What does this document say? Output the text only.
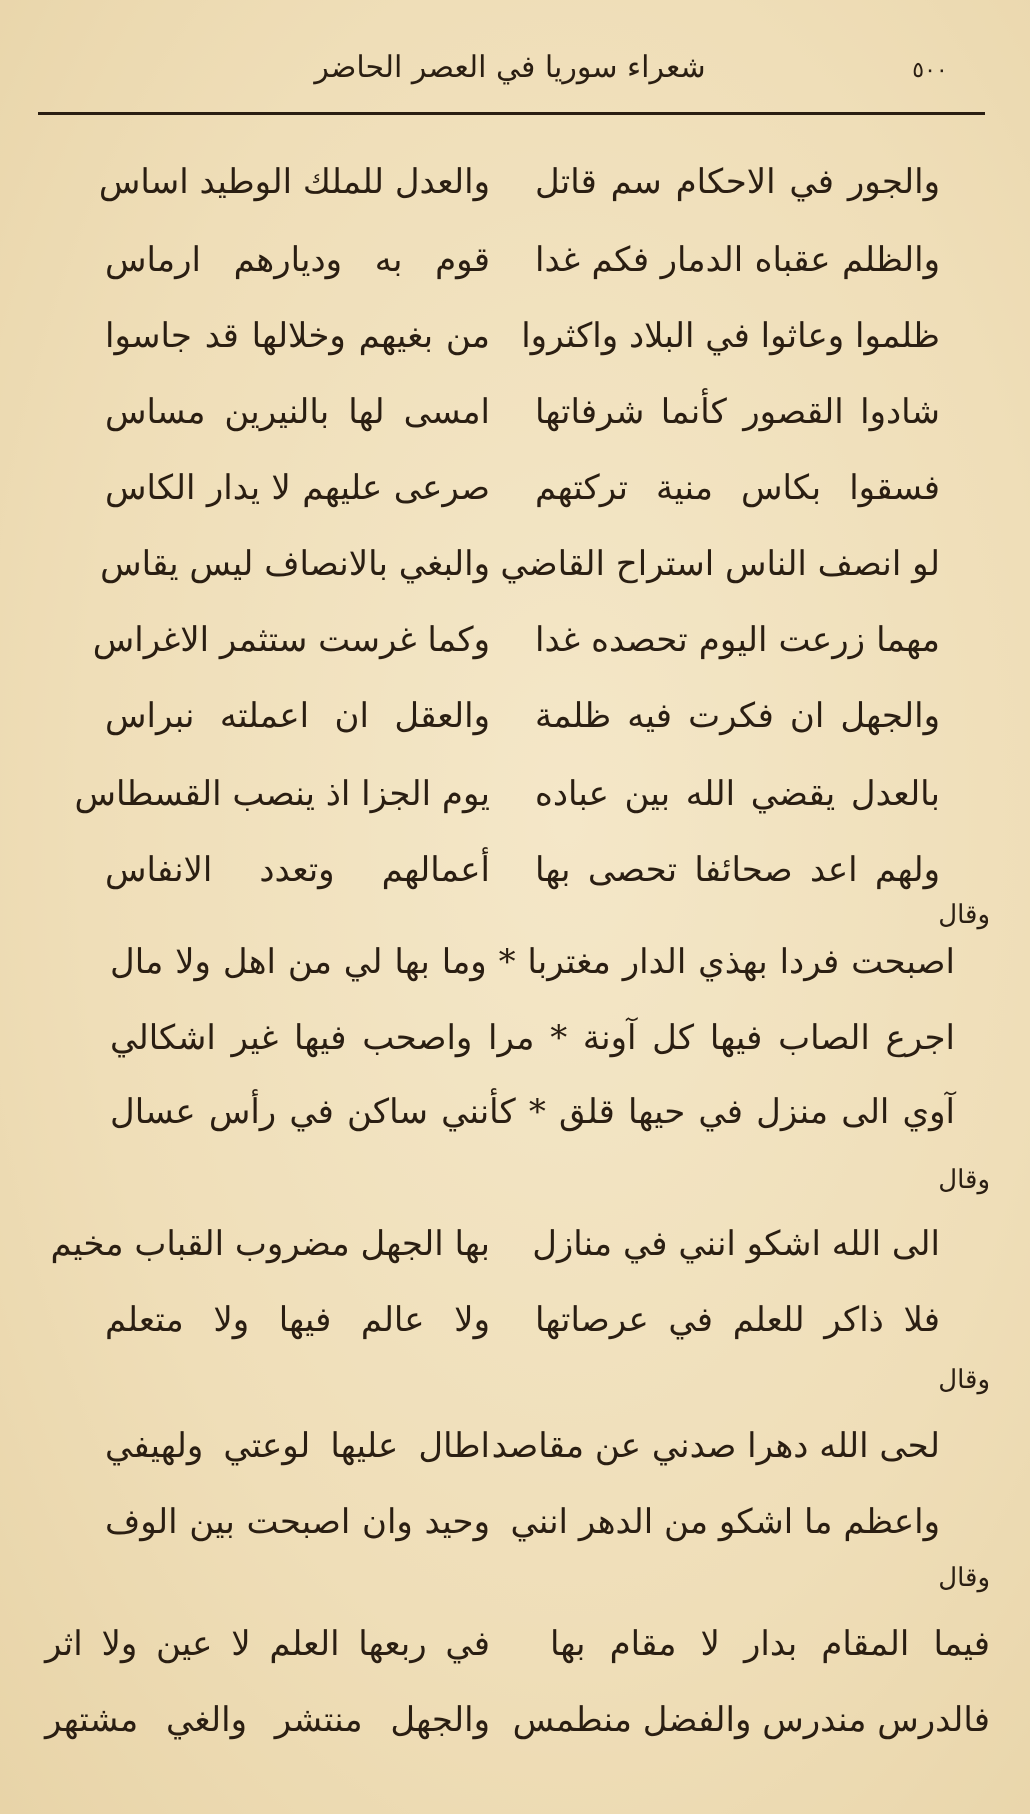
شعراء سوريا في العصر الحاضر	٥٠٠
والجور في الاحكام سم قاتل
والعدل للملك الوطيد اساس
والظلم عقباه الدمار فكم غدا
قوم به وديارهم ارماس
ظلموا وعاثوا في البلاد واكثروا
من بغيهم وخلالها قد جاسوا
شادوا القصور كأنما شرفاتها
امسى لها بالنيرين مساس
فسقوا بكاس منية تركتهم
صرعى عليهم لا يدار الكاس
لو انصف الناس استراح القاضي
والبغي بالانصاف ليس يقاس
مهما زرعت اليوم تحصده غدا
وكما غرست ستثمر الاغراس
والجهل ان فكرت فيه ظلمة
والعقل ان اعملته نبراس
بالعدل يقضي الله بين عباده
يوم الجزا اذ ينصب القسطاس
ولهم اعد صحائفا تحصى بها
أعمالهم وتعدد الانفاس
وقال
اصبحت فردا بهذي الدار مغتربا * وما بها لي من اهل ولا مال
اجرع الصاب فيها كل آونة * مرا واصحب فيها غير اشكالي
آوي الى منزل في حيها قلق * كأنني ساكن في رأس عسال
وقال
الى الله اشكو انني في منازل
بها الجهل مضروب القباب مخيم
فلا ذاكر للعلم في عرصاتها
ولا عالم فيها ولا متعلم
وقال
لحى الله دهرا صدني عن مقاصد
اطال عليها لوعتي ولهيفي
واعظم ما اشكو من الدهر انني
وحيد وان اصبحت بين الوف
وقال
فيما المقام بدار لا مقام بها
في ربعها العلم لا عين ولا اثر
فالدرس مندرس والفضل منطمس
والجهل منتشر والغي مشتهر
